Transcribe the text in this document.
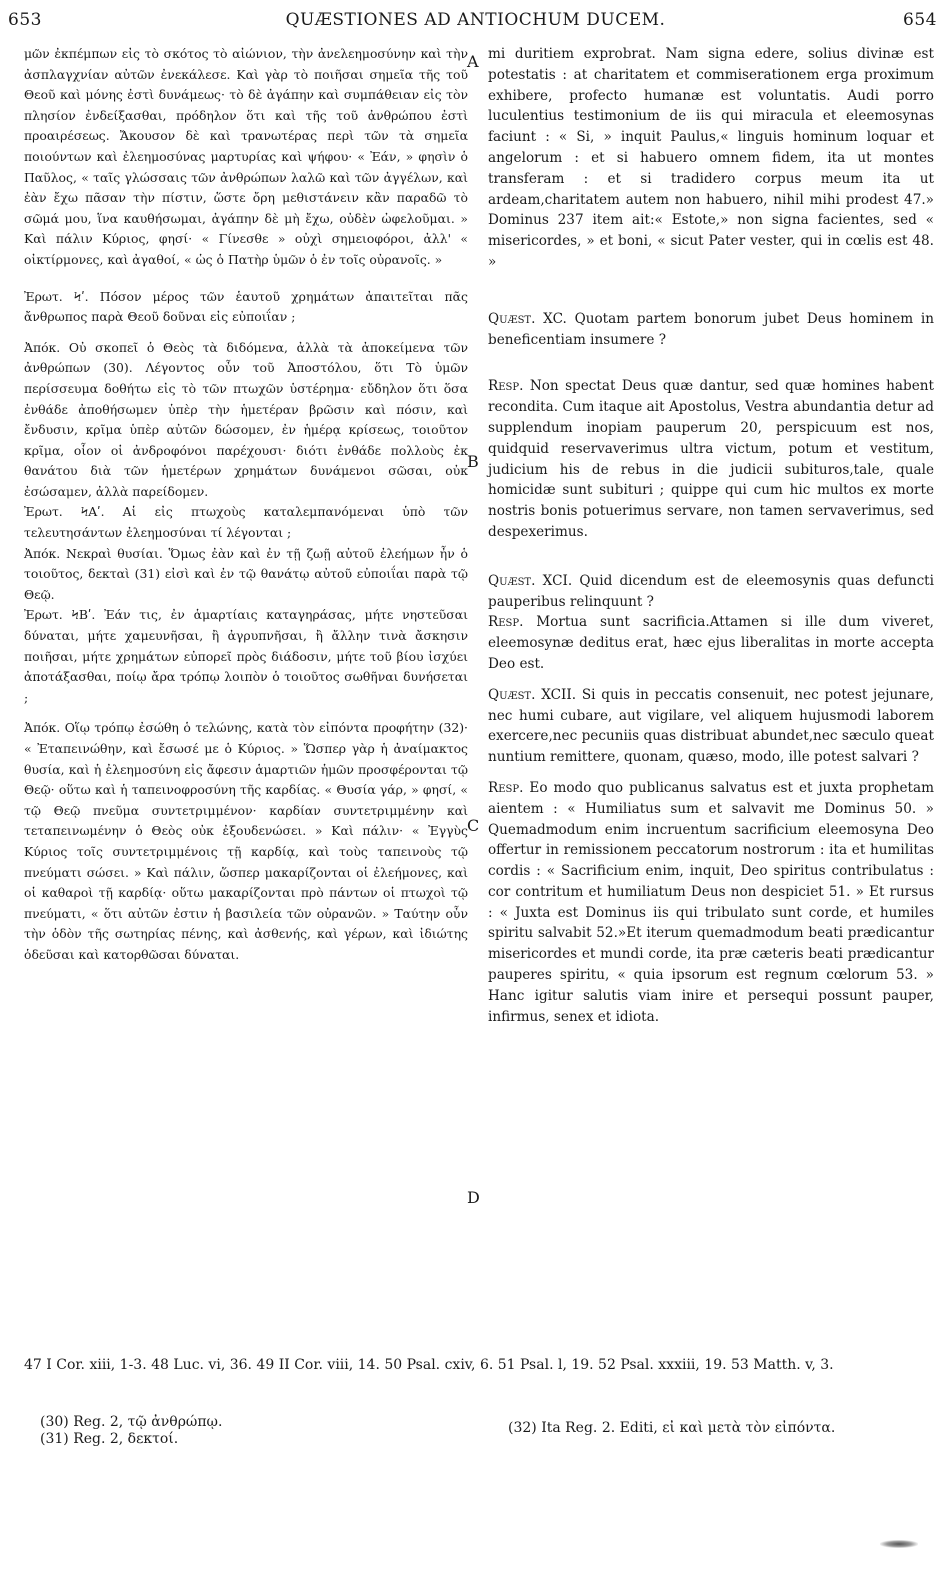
653	QUÆSTIONES AD ANTIOCHUM DUCEM.	654
A
B
C
D

μῶν ἐκπέμπων εἰς τὸ σκότος τὸ αἰώνιον, τὴν ἀνελεημοσύνην καὶ τὴν ἀσπλαγχνίαν αὐτῶν ἐνεκάλεσε. Καὶ γὰρ τὸ ποιῆσαι σημεῖα τῆς τοῦ Θεοῦ καὶ μόνης ἐστὶ δυνάμεως· τὸ δὲ ἀγάπην καὶ συμπάθειαν εἰς τὸν πλησίον ἐνδείξασθαι, πρόδηλον ὅτι καὶ τῆς τοῦ ἀνθρώπου ἐστὶ προαιρέσεως. Ἄκουσον δὲ καὶ τρανωτέρας περὶ τῶν τὰ σημεῖα ποιούντων καὶ ἐλεημοσύνας μαρτυρίας καὶ ψήφου· « Ἐάν, » φησὶν ὁ Παῦλος, « ταῖς γλώσσαις τῶν ἀνθρώπων λαλῶ καὶ τῶν ἀγγέλων, καὶ ἐὰν ἔχω πᾶσαν τὴν πίστιν, ὥστε ὄρη μεθιστάνειν κἂν παραδῶ τὸ σῶμά μου, ἵνα καυθήσωμαι, ἀγάπην δὲ μὴ ἔχω, οὐδὲν ὠφελοῦμαι. » Καὶ πάλιν Κύριος, φησί· « Γίνεσθε » οὐχὶ σημειοφόροι, ἀλλ' « οἰκτίρμονες, καὶ ἀγαθοί, « ὡς ὁ Πατὴρ ὑμῶν ὁ ἐν τοῖς οὐρανοῖς. »

Ἐρωτ. Ϟʹ. Πόσον μέρος τῶν ἑαυτοῦ χρημάτων ἀπαιτεῖται πᾶς ἄνθρωπος παρὰ Θεοῦ δοῦναι εἰς εὐποιΐαν ;

Ἀπόκ. Οὐ σκοπεῖ ὁ Θεὸς τὰ διδόμενα, ἀλλὰ τὰ ἀποκείμενα τῶν ἀνθρώπων (30). Λέγοντος οὖν τοῦ Ἀποστόλου, ὅτι Τὸ ὑμῶν περίσσευμα δοθήτω εἰς τὸ τῶν πτωχῶν ὑστέρημα· εὔδηλον ὅτι ὅσα ἐνθάδε ἀποθήσωμεν ὑπὲρ τὴν ἡμετέραν βρῶσιν καὶ πόσιν, καὶ ἔνδυσιν, κρῖμα ὑπὲρ αὐτῶν δώσομεν, ἐν ἡμέρᾳ κρίσεως, τοιοῦτον κρῖμα, οἷον οἱ ἀνδροφόνοι παρέχουσι· διότι ἐνθάδε πολλοὺς ἐκ θανάτου διὰ τῶν ἡμετέρων χρημάτων δυνάμενοι σῶσαι, οὐκ ἐσώσαμεν, ἀλλὰ παρείδομεν.

Ἐρωτ. ϞΑʹ. Αἱ εἰς πτωχοὺς καταλεμπανόμεναι ὑπὸ τῶν τελευτησάντων ἐλεημοσύναι τί λέγονται ;

Ἀπόκ. Νεκραὶ θυσίαι. Ὅμως ἐὰν καὶ ἐν τῇ ζωῇ αὐτοῦ ἐλεήμων ἦν ὁ τοιοῦτος, δεκταὶ (31) εἰσὶ καὶ ἐν τῷ θανάτῳ αὐτοῦ εὐποιΐαι παρὰ τῷ Θεῷ.

Ἐρωτ. ϞΒʹ. Ἐάν τις, ἐν ἁμαρτίαις καταγηράσας, μήτε νηστεῦσαι δύναται, μήτε χαμευνῆσαι, ἢ ἀγρυπνῆσαι, ἢ ἄλλην τινὰ ἄσκησιν ποιῆσαι, μήτε χρημάτων εὐπορεῖ πρὸς διάδοσιν, μήτε τοῦ βίου ἰσχύει ἀποτάξασθαι, ποίῳ ἄρα τρόπῳ λοιπὸν ὁ τοιοῦτος σωθῆναι δυνήσεται ;

Ἀπόκ. Οἵῳ τρόπῳ ἐσώθη ὁ τελώνης, κατὰ τὸν εἰπόντα προφήτην (32)· « Ἐταπεινώθην, καὶ ἔσωσέ με ὁ Κύριος. » Ὥσπερ γὰρ ἡ ἀναίμακτος θυσία, καὶ ἡ ἐλεημοσύνη εἰς ἄφεσιν ἁμαρτιῶν ἡμῶν προσφέρονται τῷ Θεῷ· οὕτω καὶ ἡ ταπεινοφροσύνη τῆς καρδίας. « Θυσία γάρ, » φησί, « τῷ Θεῷ πνεῦμα συντετριμμένον· καρδίαν συντετριμμένην καὶ τεταπεινωμένην ὁ Θεὸς οὐκ ἐξουδενώσει. » Καὶ πάλιν· « Ἐγγὺς Κύριος τοῖς συντετριμμένοις τῇ καρδίᾳ, καὶ τοὺς ταπεινοὺς τῷ πνεύματι σώσει. » Καὶ πάλιν, ὥσπερ μακαρίζονται οἱ ἐλεήμονες, καὶ οἱ καθαροὶ τῇ καρδίᾳ· οὕτω μακαρίζονται πρὸ πάντων οἱ πτωχοὶ τῷ πνεύματι, « ὅτι αὐτῶν ἐστιν ἡ βασιλεία τῶν οὐρανῶν. » Ταύτην οὖν τὴν ὁδὸν τῆς σωτηρίας πένης, καὶ ἀσθενής, καὶ γέρων, καὶ ἰδιώτης ὁδεῦσαι καὶ κατορθῶσαι δύναται.

mi duritiem exprobrat. Nam signa edere, solius divinæ est potestatis : at charitatem et commiserationem erga proximum exhibere, profecto humanæ est voluntatis. Audi porro luculentius testimonium de iis qui miracula et eleemosynas faciunt : « Si, » inquit Paulus,« linguis hominum loquar et angelorum : et si habuero omnem fidem, ita ut montes transferam : et si tradidero corpus meum ita ut ardeam,charitatem autem non habuero, nihil mihi prodest 47.» Dominus 237 item ait:« Estote,» non signa facientes, sed « misericordes, » et boni, « sicut Pater vester, qui in cœlis est 48. »

Quæst. XC. Quotam partem bonorum jubet Deus hominem in beneficentiam insumere ?

Resp. Non spectat Deus quæ dantur, sed quæ homines habent recondita. Cum itaque ait Apostolus, Vestra abundantia detur ad supplendum inopiam pauperum 20, perspicuum est nos, quidquid reservaverimus ultra victum, potum et vestitum, judicium his de rebus in die judicii subituros,tale, quale homicidæ sunt subituri ; quippe qui cum hic multos ex morte nostris bonis potuerimus servare, non tamen servaverimus, sed despexerimus.

Quæst. XCI. Quid dicendum est de eleemosynis quas defuncti pauperibus relinquunt ?

Resp. Mortua sunt sacrificia.Attamen si ille dum viveret, eleemosynæ deditus erat, hæc ejus liberalitas in morte accepta Deo est.

Quæst. XCII. Si quis in peccatis consenuit, nec potest jejunare, nec humi cubare, aut vigilare, vel aliquem hujusmodi laborem exercere,nec pecuniis quas distribuat abundet,nec sæculo queat nuntium remittere, quonam, quæso, modo, ille potest salvari ?

Resp. Eo modo quo publicanus salvatus est et juxta prophetam aientem : « Humiliatus sum et salvavit me Dominus 50. » Quemadmodum enim incruentum sacrificium eleemosyna Deo offertur in remissionem peccatorum nostrorum : ita et humilitas cordis : « Sacrificium enim, inquit, Deo spiritus contribulatus : cor contritum et humiliatum Deus non despiciet 51. » Et rursus : « Juxta est Dominus iis qui tribulato sunt corde, et humiles spiritu salvabit 52.»Et iterum quemadmodum beati prædicantur misericordes et mundi corde, ita præ cæteris beati prædicantur pauperes spiritu, « quia ipsorum est regnum cœlorum 53. » Hanc igitur salutis viam inire et persequi possunt pauper, infirmus, senex et idiota.

47 I Cor. xiii, 1-3. 48 Luc. vi, 36. 49 II Cor. viii, 14. 50 Psal. cxiv, 6. 51 Psal. l, 19. 52 Psal. xxxiii, 19. 53 Matth. v, 3.
(30) Reg. 2, τῷ ἀνθρώπῳ.
(31) Reg. 2, δεκτοί.
(32) Ita Reg. 2. Editi, εἰ καὶ μετὰ τὸν εἰπόντα.
